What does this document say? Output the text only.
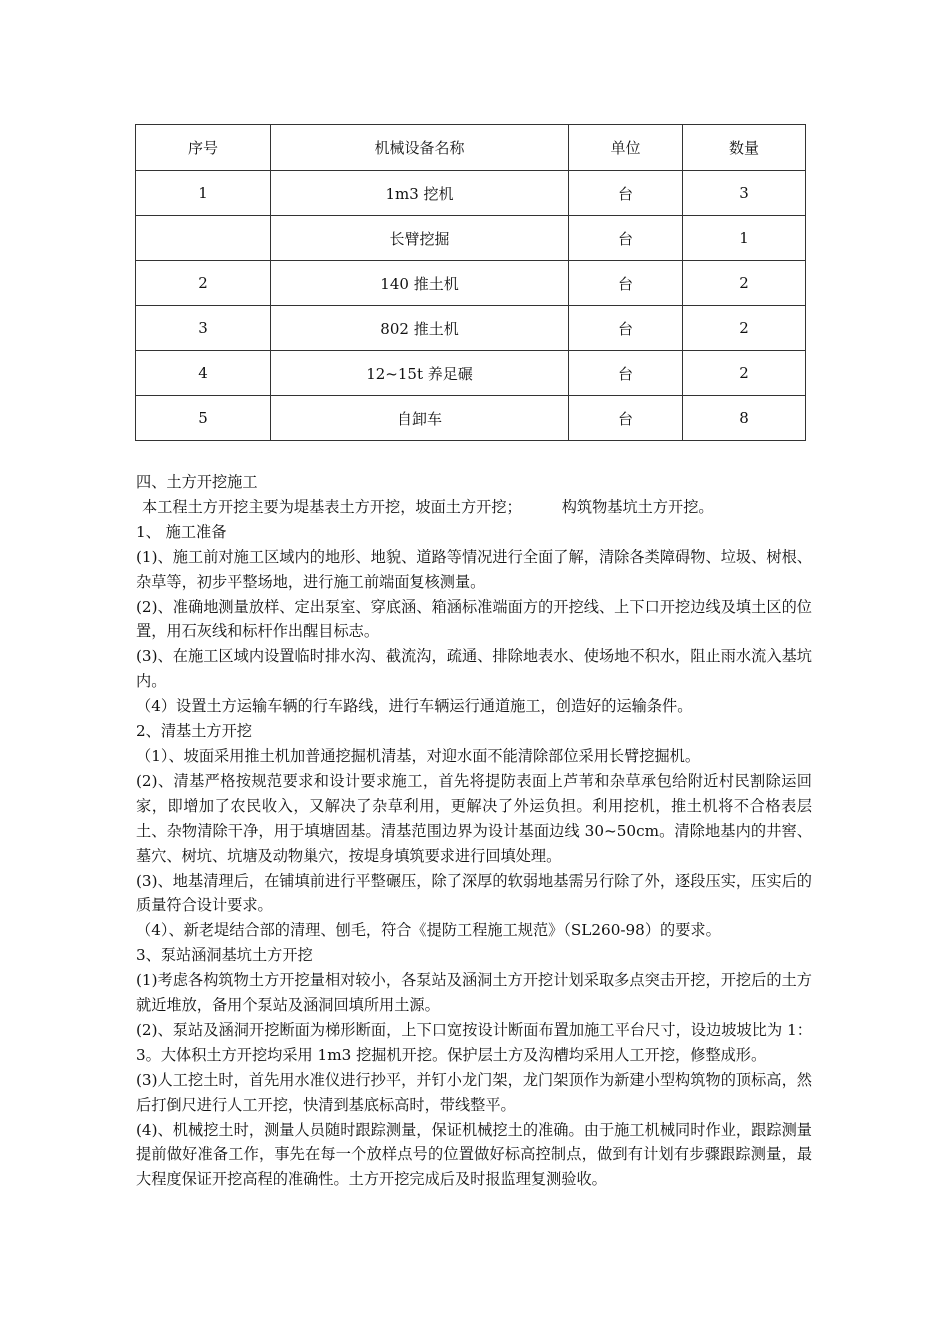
序号	机械设备名称	单位	数量
1	1m3 挖机	台	3
	长臂挖掘	台	1
2	140 推土机	台	2
3	802 推土机	台	2
4	12~15t 养足碾	台	2
5	自卸车	台	8

四、土方开挖施工

本工程土方开挖主要为堤基表土方开挖，坡面土方开挖；	构筑物基坑土方开挖。

1、 施工准备

(1)、施工前对施工区域内的地形、地貌、道路等情况进行全面了解，清除各类障碍物、垃圾、树根、杂草等，初步平整场地，进行施工前端面复核测量。

(2)、准确地测量放样、定出泵室、穿底涵、箱涵标准端面方的开挖线、上下口开挖边线及填土区的位置，用石灰线和标杆作出醒目标志。

(3)、在施工区域内设置临时排水沟、截流沟，疏通、排除地表水、使场地不积水，阻止雨水流入基坑内。

（4）设置土方运输车辆的行车路线，进行车辆运行通道施工，创造好的运输条件。

2、清基土方开挖

（1）、坡面采用推土机加普通挖掘机清基，对迎水面不能清除部位采用长臂挖掘机。

(2)、清基严格按规范要求和设计要求施工，首先将提防表面上芦苇和杂草承包给附近村民割除运回家，即增加了农民收入，又解决了杂草利用，更解决了外运负担。利用挖机，推土机将不合格表层土、杂物清除干净，用于填塘固基。清基范围边界为设计基面边线 30~50cm。清除地基内的井窖、墓穴、树坑、坑塘及动物巢穴，按堤身填筑要求进行回填处理。

(3)、地基清理后，在铺填前进行平整碾压，除了深厚的软弱地基需另行除了外，逐段压实，压实后的质量符合设计要求。

（4）、新老堤结合部的清理、刨毛，符合《提防工程施工规范》（SL260-98）的要求。

3、泵站涵洞基坑土方开挖

(1)考虑各构筑物土方开挖量相对较小，各泵站及涵洞土方开挖计划采取多点突击开挖，开挖后的土方就近堆放，备用个泵站及涵洞回填所用土源。

(2)、泵站及涵洞开挖断面为梯形断面，上下口宽按设计断面布置加施工平台尺寸，设边坡坡比为 1：3。大体积土方开挖均采用 1m3 挖掘机开挖。保护层土方及沟槽均采用人工开挖，修整成形。

(3)人工挖土时，首先用水准仪进行抄平，并钉小龙门架，龙门架顶作为新建小型构筑物的顶标高，然后打倒尺进行人工开挖，快清到基底标高时，带线整平。

(4)、机械挖土时，测量人员随时跟踪测量，保证机械挖土的准确。由于施工机械同时作业，跟踪测量提前做好准备工作，事先在每一个放样点号的位置做好标高控制点，做到有计划有步骤跟踪测量，最大程度保证开挖高程的准确性。土方开挖完成后及时报监理复测验收。
